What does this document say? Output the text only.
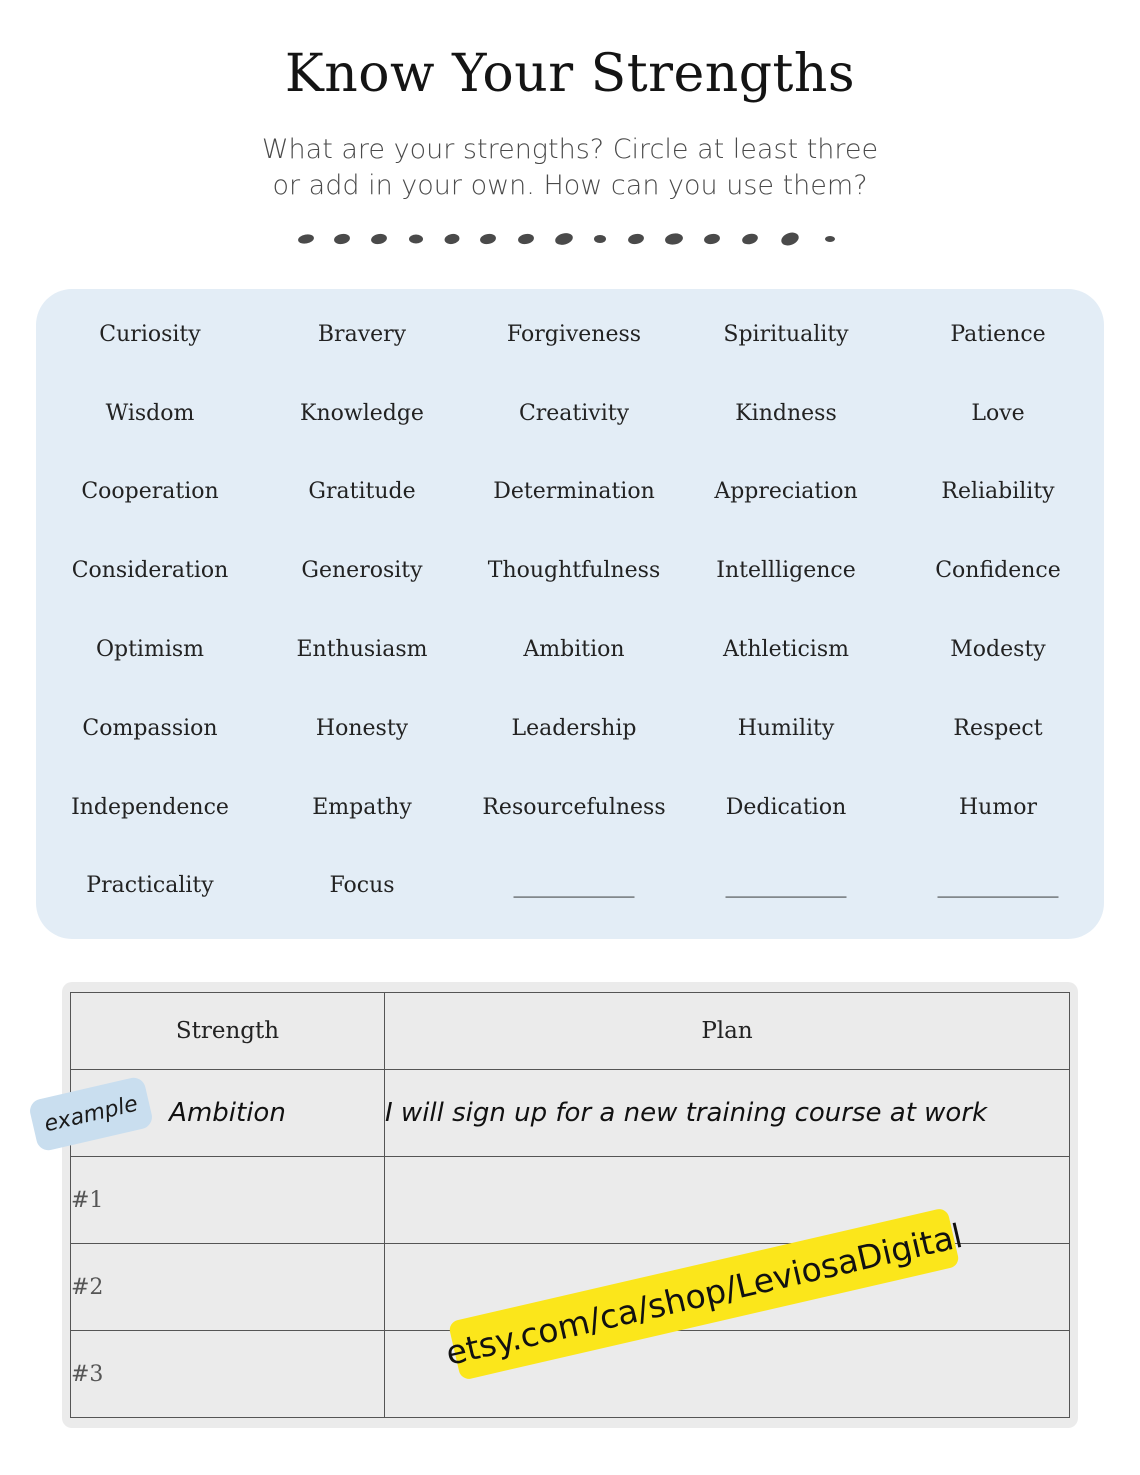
Know Your Strengths
What are your strengths? Circle at least three
or add in your own. How can you use them?
Curiosity	Bravery	Forgiveness	Spirituality	Patience
Wisdom	Knowledge	Creativity	Kindness	Love
Cooperation	Gratitude	Determination	Appreciation	Reliability
Consideration	Generosity	Thoughtfulness	Intellligence	Confidence
Optimism	Enthusiasm	Ambition	Athleticism	Modesty
Compassion	Honesty	Leadership	Humility	Respect
Independence	Empathy	Resourcefulness	Dedication	Humor
Practicality	Focus	___________	___________	___________
Strength	Plan
Ambition	I will sign up for a new training course at work
#1	
#2	
#3	
example
etsy.com/ca/shop/LeviosaDigital
